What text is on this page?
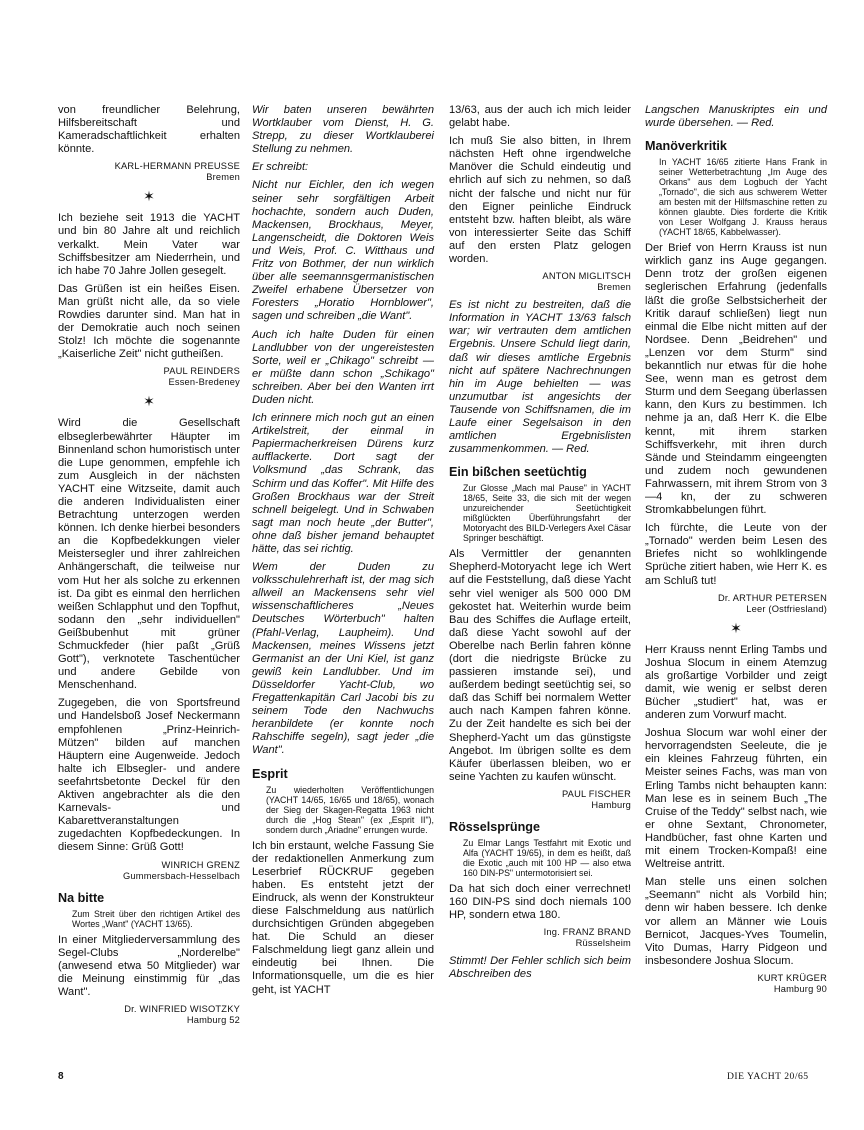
von freundlicher Belehrung, Hilfsbereitschaft und Kameradschaftlichkeit erhalten könnte.
KARL-HERMANN PREUSSE
Bremen
✶
Ich beziehe seit 1913 die YACHT und bin 80 Jahre alt und reichlich verkalkt. Mein Vater war Schiffsbesitzer am Niederrhein, und ich habe 70 Jahre Jollen gesegelt.
Das Grüßen ist ein heißes Eisen. Man grüßt nicht alle, da so viele Rowdies darunter sind. Man hat in der Demokratie auch noch seinen Stolz! Ich möchte die sogenannte „Kaiserliche Zeit" nicht gutheißen.
PAUL REINDERS
Essen-Bredeney
✶
Wird die Gesellschaft elbseglerbewährter Häupter im Binnenland schon humoristisch unter die Lupe genommen, empfehle ich zum Ausgleich in der nächsten YACHT eine Witzseite, damit auch die anderen Individualisten einer Betrachtung unterzogen werden können. Ich denke hierbei besonders an die Kopfbedekkungen vieler Meistersegler und ihrer zahlreichen Anhängerschaft, die teilweise nur vom Hut her als solche zu erkennen ist. Da gibt es einmal den herrlichen weißen Schlapphut und den Topfhut, sodann den „sehr individuellen" Geißbubenhut mit grüner Schmuckfeder (hier paßt „Grüß Gott"), verknotete Taschentücher und andere Gebilde von Menschenhand.
Zugegeben, die von Sportsfreund und Handelsboß Josef Neckermann empfohlenen „Prinz-Heinrich-Mützen" bilden auf manchen Häuptern eine Augenweide. Jedoch halte ich Elbsegler- und andere seefahrtsbetonte Deckel für den Aktiven angebrachter als die den Karnevals- und Kabarettveranstaltungen zugedachten Kopfbedeckungen. In diesem Sinne: Grüß Gott!
WINRICH GRENZ
Gummersbach-Hesselbach
Na bitte
Zum Streit über den richtigen Artikel des Wortes „Want" (YACHT 13/65).
In einer Mitgliederversammlung des Segel-Clubs „Norderelbe" (anwesend etwa 50 Mitglieder) war die Meinung einstimmig für „das Want".
Dr. WINFRIED WISOTZKY
Hamburg 52
Wir baten unseren bewährten Wortklauber vom Dienst, H. G. Strepp, zu dieser Wortklauberei Stellung zu nehmen.
Er schreibt:
Nicht nur Eichler, den ich wegen seiner sehr sorgfältigen Arbeit hochachte, sondern auch Duden, Mackensen, Brockhaus, Meyer, Langenscheidt, die Doktoren Weis und Weis, Prof. C. Witthaus und Fritz von Bothmer, der nun wirklich über alle seemannsgermanistischen Zweifel erhabene Übersetzer von Foresters „Horatio Hornblower", sagen und schreiben „die Want".
Auch ich halte Duden für einen Landlubber von der ungereistesten Sorte, weil er „Chikago" schreibt — er müßte dann schon „Schikago" schreiben. Aber bei den Wanten irrt Duden nicht.
Ich erinnere mich noch gut an einen Artikelstreit, der einmal in Papiermacherkreisen Dürens kurz aufflackerte. Dort sagt der Volksmund „das Schrank, das Schirm und das Koffer". Mit Hilfe des Großen Brockhaus war der Streit schnell beigelegt. Und in Schwaben sagt man noch heute „der Butter", ohne daß bisher jemand behauptet hätte, das sei richtig.
Wem der Duden zu volksschulehrerhaft ist, der mag sich allweil an Mackensens sehr viel wissenschaftlicheres „Neues Deutsches Wörterbuch" halten (Pfahl-Verlag, Laupheim). Und Mackensen, meines Wissens jetzt Germanist an der Uni Kiel, ist ganz gewiß kein Landlubber. Und im Düsseldorfer Yacht-Club, wo Fregattenkapitän Carl Jacobi bis zu seinem Tode den Nachwuchs heranbildete (er konnte noch Rahschiffe segeln), sagt jeder „die Want".
Esprit
Zu wiederholten Veröffentlichungen (YACHT 14/65, 16/65 und 18/65), wonach der Sieg der Skagen-Regatta 1963 nicht durch die „Hog Stean" (ex „Esprit II"), sondern durch „Ariadne" errungen wurde.
Ich bin erstaunt, welche Fassung Sie der redaktionellen Anmerkung zum Leserbrief RÜCKRUF gegeben haben. Es entsteht jetzt der Eindruck, als wenn der Konstrukteur diese Falschmeldung aus natürlich durchsichtigen Gründen abgegeben hat. Die Schuld an dieser Falschmeldung liegt ganz allein und eindeutig bei Ihnen. Die Informationsquelle, um die es hier geht, ist YACHT
13/63, aus der auch ich mich leider gelabt habe.
Ich muß Sie also bitten, in Ihrem nächsten Heft ohne irgendwelche Manöver die Schuld eindeutig und ehrlich auf sich zu nehmen, so daß nicht der falsche und nicht nur für den Eigner peinliche Eindruck entsteht bzw. haften bleibt, als wäre von interessierter Seite das Schiff auf den ersten Platz gelogen worden.
ANTON MIGLITSCH
Bremen
Es ist nicht zu bestreiten, daß die Information in YACHT 13/63 falsch war; wir vertrauten dem amtlichen Ergebnis. Unsere Schuld liegt darin, daß wir dieses amtliche Ergebnis nicht auf spätere Nachrechnungen hin im Auge behielten — was unzumutbar ist angesichts der Tausende von Schiffsnamen, die im Laufe einer Segelsaison in den amtlichen Ergebnislisten zusammenkommen. — Red.
Ein bißchen seetüchtig
Zur Glosse „Mach mal Pause" in YACHT 18/65, Seite 33, die sich mit der wegen unzureichender Seetüchtigkeit mißglückten Überführungsfahrt der Motoryacht des BILD-Verlegers Axel Cäsar Springer beschäftigt.
Als Vermittler der genannten Shepherd-Motoryacht lege ich Wert auf die Feststellung, daß diese Yacht sehr viel weniger als 500 000 DM gekostet hat. Weiterhin wurde beim Bau des Schiffes die Auflage erteilt, daß diese Yacht sowohl auf der Oberelbe nach Berlin fahren könne (dort die niedrigste Brücke zu passieren imstande sei), und außerdem bedingt seetüchtig sei, so daß das Schiff bei normalem Wetter auch nach Kampen fahren könne. Zu der Zeit handelte es sich bei der Shepherd-Yacht um das günstigste Angebot. Im übrigen sollte es dem Käufer überlassen bleiben, wo er seine Yachten zu kaufen wünscht.
PAUL FISCHER
Hamburg
Rösselsprünge
Zu Elmar Langs Testfahrt mit Exotic und Alfa (YACHT 19/65), in dem es heißt, daß die Exotic „auch mit 100 HP — also etwa 160 DIN-PS" untermotorisiert sei.
Da hat sich doch einer verrechnet! 160 DIN-PS sind doch niemals 100 HP, sondern etwa 180.
Ing. FRANZ BRAND
Rüsselsheim
Stimmt! Der Fehler schlich sich beim Abschreiben des
Langschen Manuskriptes ein und wurde übersehen. — Red.
Manöverkritik
In YACHT 16/65 zitierte Hans Frank in seiner Wetterbetrachtung „Im Auge des Orkans" aus dem Logbuch der Yacht „Tornado", die sich aus schwerem Wetter am besten mit der Hilfsmaschine retten zu können glaubte. Dies forderte die Kritik von Leser Wolfgang J. Krauss heraus (YACHT 18/65, Kabbelwasser).
Der Brief von Herrn Krauss ist nun wirklich ganz ins Auge gegangen. Denn trotz der großen eigenen seglerischen Erfahrung (jedenfalls läßt die große Selbstsicherheit der Kritik darauf schließen) liegt nun einmal die Elbe nicht mitten auf der Nordsee. Denn „Beidrehen" und „Lenzen vor dem Sturm" sind bekanntlich nur etwas für die hohe See, wenn man es getrost dem Sturm und dem Seegang überlassen kann, den Kurs zu bestimmen. Ich nehme ja an, daß Herr K. die Elbe kennt, mit ihrem starken Schiffsverkehr, mit ihren durch Sände und Steindamm eingeengten und zudem noch gewundenen Fahrwassern, mit ihrem Strom von 3—4 kn, der zu schweren Stromkabbelungen führt.
Ich fürchte, die Leute von der „Tornado" werden beim Lesen des Briefes nicht so wohlklingende Sprüche zitiert haben, wie Herr K. es am Schluß tut!
Dr. ARTHUR PETERSEN
Leer (Ostfriesland)
✶
Herr Krauss nennt Erling Tambs und Joshua Slocum in einem Atemzug als großartige Vorbilder und zeigt damit, wie wenig er selbst deren Bücher „studiert" hat, was er anderen zum Vorwurf macht.
Joshua Slocum war wohl einer der hervorragendsten Seeleute, die je ein kleines Fahrzeug führten, ein Meister seines Fachs, was man von Erling Tambs nicht behaupten kann: Man lese es in seinem Buch „The Cruise of the Teddy" selbst nach, wie er ohne Sextant, Chronometer, Handbücher, fast ohne Karten und mit einem Trocken-Kompaß! eine Weltreise antritt.
Man stelle uns einen solchen „Seemann" nicht als Vorbild hin; denn wir haben bessere. Ich denke vor allem an Männer wie Louis Bernicot, Jacques-Yves Toumelin, Vito Dumas, Harry Pidgeon und insbesondere Joshua Slocum.
KURT KRÜGER
Hamburg 90
8	DIE YACHT 20/65
